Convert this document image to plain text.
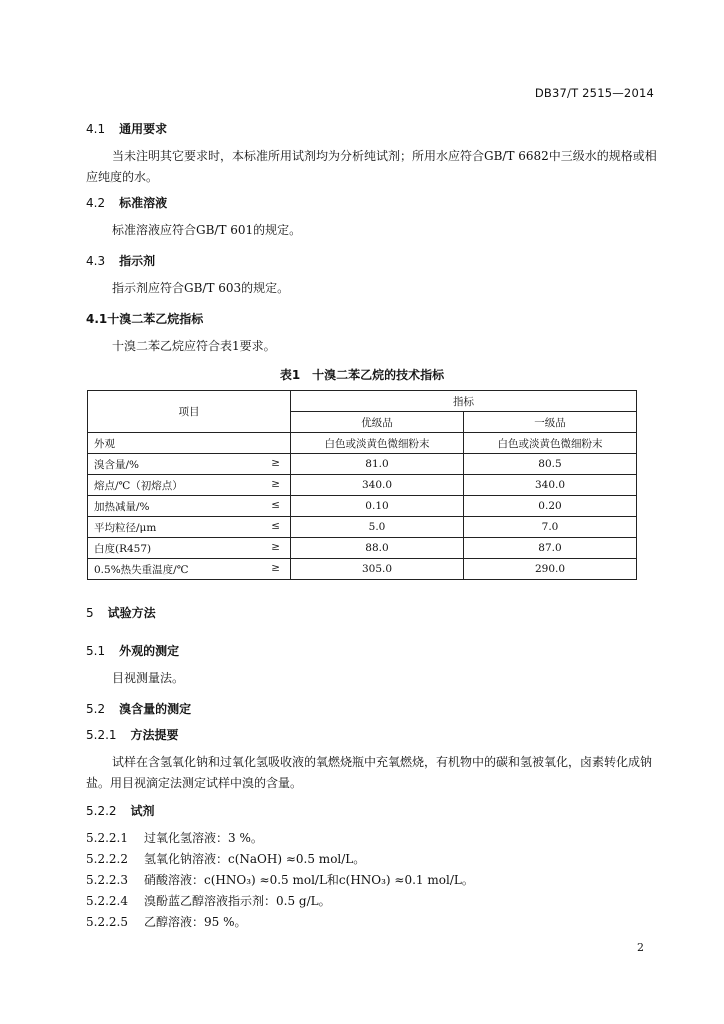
DB37/T 2515—2014
4.1 通用要求
当未注明其它要求时，本标准所用试剂均为分析纯试剂；所用水应符合GB/T 6682中三级水的规格或相应纯度的水。
4.2 标准溶液
标准溶液应符合GB/T 601的规定。
4.3 指示剂
指示剂应符合GB/T 603的规定。
4.1十溴二苯乙烷指标
十溴二苯乙烷应符合表1要求。
表1　十溴二苯乙烷的技术指标
项目	指标	
	优级品	一级品
外观	白色或淡黄色微细粉末	白色或淡黄色微细粉末
溴含量/% ≥	81.0	80.5
熔点/℃（初熔点） ≥	340.0	340.0
加热减量/% ≤	0.10	0.20
平均粒径/μm ≤	5.0	7.0
白度(R457) ≥	88.0	87.0
0.5%热失重温度/℃ ≥	305.0	290.0
5 试验方法
5.1 外观的测定
目视测量法。
5.2 溴含量的测定
5.2.1 方法提要
试样在含氢氧化钠和过氧化氢吸收液的氧燃烧瓶中充氧燃烧，有机物中的碳和氢被氧化，卤素转化成钠盐。用目视滴定法测定试样中溴的含量。
5.2.2 试剂
5.2.2.1 过氧化氢溶液：3 %。
5.2.2.2 氢氧化钠溶液：c(NaOH) ≈0.5 mol/L。
5.2.2.3 硝酸溶液：c(HNO₃) ≈0.5 mol/L和c(HNO₃) ≈0.1 mol/L。
5.2.2.4 溴酚蓝乙醇溶液指示剂：0.5 g/L。
5.2.2.5 乙醇溶液：95 %。
2
